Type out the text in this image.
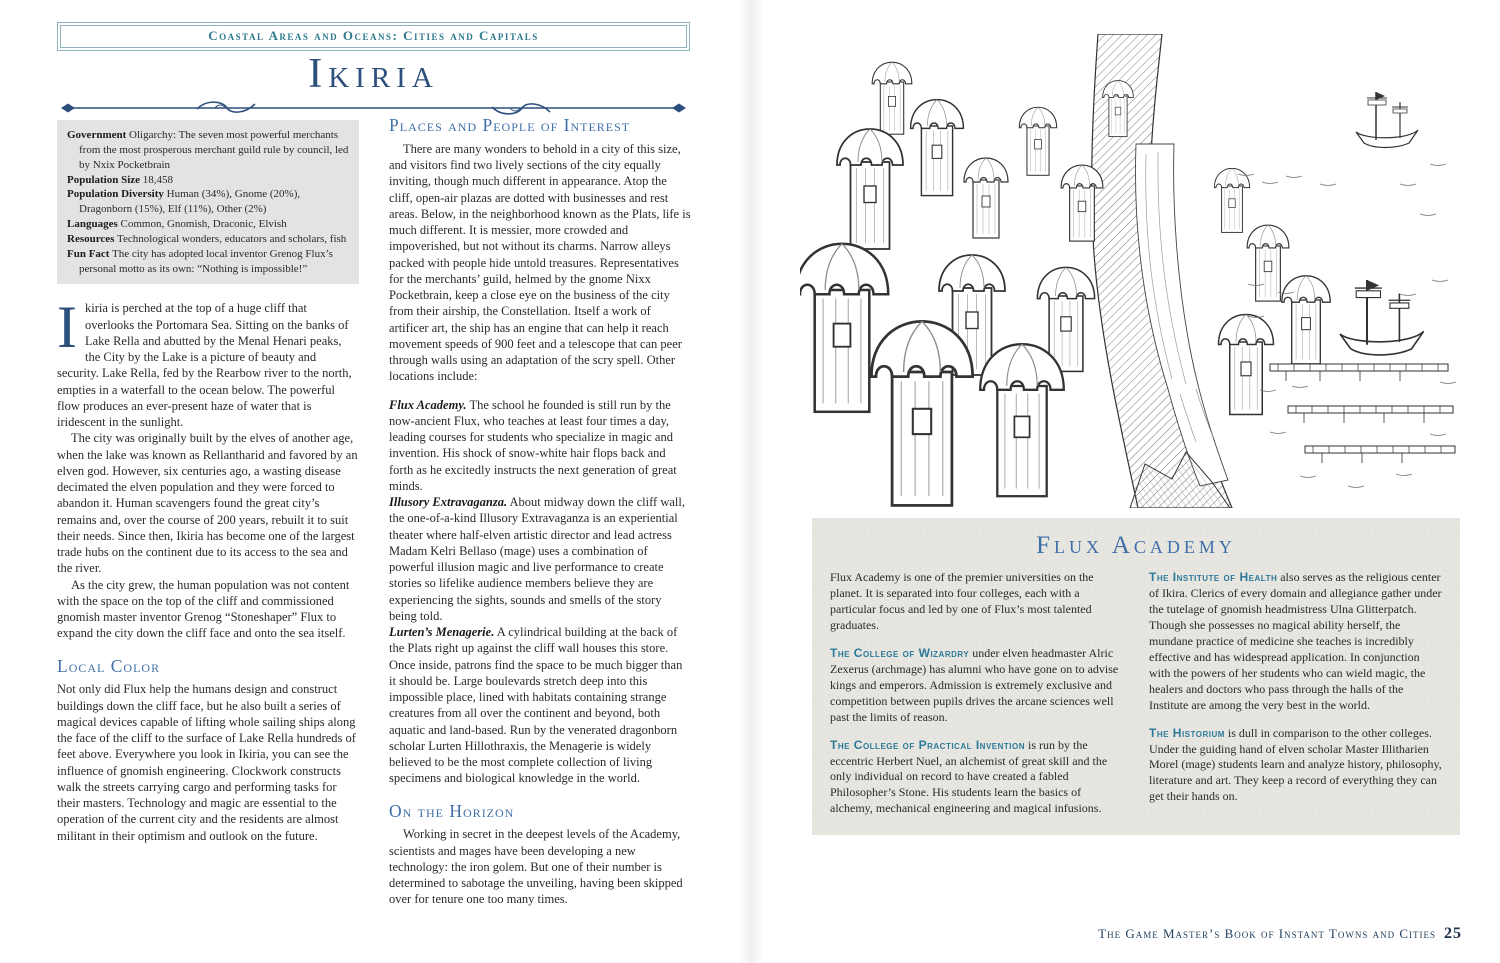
Coastal Areas and Oceans: Cities and Capitals
Ikiria

Government Oligarchy: The seven most powerful merchants from the most prosperous merchant guild rule by council, led by Nxix Pocketbrain

Population Size 18,458

Population Diversity Human (34%), Gnome (20%), Dragonborn (15%), Elf (11%), Other (2%)

Languages Common, Gnomish, Draconic, Elvish

Resources Technological wonders, educators and scholars, fish

Fun Fact The city has adopted local inventor Grenog Flux’s personal motto as its own: “Nothing is impossible!”

Ikiria is perched at the top of a huge cliff that overlooks the Portomara Sea. Sitting on the banks of Lake Rella and abutted by the Menal Henari peaks, the City by the Lake is a picture of beauty and security. Lake Rella, fed by the Rearbow river to the north, empties in a waterfall to the ocean below. The powerful flow produces an ever-present haze of water that is iridescent in the sunlight.

The city was originally built by the elves of another age, when the lake was known as Rellantharid and favored by an elven god. However, six centuries ago, a wasting disease decimated the elven population and they were forced to abandon it. Human scavengers found the great city’s remains and, over the course of 200 years, rebuilt it to suit their needs. Since then, Ikiria has become one of the largest trade hubs on the continent due to its access to the sea and the river.

As the city grew, the human population was not content with the space on the top of the cliff and commissioned gnomish master inventor Grenog “Stoneshaper” Flux to expand the city down the cliff face and onto the sea itself.

Local Color

Not only did Flux help the humans design and construct buildings down the cliff face, but he also built a series of magical devices capable of lifting whole sailing ships along the face of the cliff to the surface of Lake Rella hundreds of feet above. Everywhere you look in Ikiria, you can see the influence of gnomish engineering. Clockwork constructs walk the streets carrying cargo and performing tasks for their masters. Technology and magic are essential to the operation of the current city and the residents are almost militant in their optimism and outlook on the future.

Places and People of Interest

There are many wonders to behold in a city of this size, and visitors find two lively sections of the city equally inviting, though much different in appearance. Atop the cliff, open-air plazas are dotted with businesses and rest areas. Below, in the neighborhood known as the Plats, life is much different. It is messier, more crowded and impoverished, but not without its charms. Narrow alleys packed with people hide untold treasures. Representatives for the merchants’ guild, helmed by the gnome Nixx Pocketbrain, keep a close eye on the business of the city from their airship, the Constellation. Itself a work of artificer art, the ship has an engine that can help it reach movement speeds of 900 feet and a telescope that can peer through walls using an adaptation of the scry spell. Other locations include:

Flux Academy. The school he founded is still run by the now-ancient Flux, who teaches at least four times a day, leading courses for students who specialize in magic and invention. His shock of snow-white hair flops back and forth as he excitedly instructs the next generation of great minds.

Illusory Extravaganza. About midway down the cliff wall, the one-of-a-kind Illusory Extravaganza is an experiential theater where half-elven artistic director and lead actress Madam Kelri Bellaso (mage) uses a combination of powerful illusion magic and live performance to create stories so lifelike audience members believe they are experiencing the sights, sounds and smells of the story being told.

Lurten’s Menagerie. A cylindrical building at the back of the Plats right up against the cliff wall houses this store. Once inside, patrons find the space to be much bigger than it should be. Large boulevards stretch deep into this impossible place, lined with habitats containing strange creatures from all over the continent and beyond, both aquatic and land-based. Run by the venerated dragonborn scholar Lurten Hillothraxis, the Menagerie is widely believed to be the most complete collection of living specimens and biological knowledge in the world.

On the Horizon

Working in secret in the deepest levels of the Academy, scientists and mages have been developing a new technology: the iron golem. But one of their number is determined to sabotage the unveiling, having been skipped over for tenure one too many times.

Flux Academy

Flux Academy is one of the premier universities on the planet. It is separated into four colleges, each with a particular focus and led by one of Flux’s most talented graduates.

The College of Wizardry under elven headmaster Alric Zexerus (archmage) has alumni who have gone on to advise kings and emperors. Admission is extremely exclusive and competition between pupils drives the arcane sciences well past the limits of reason.

The College of Practical Invention is run by the eccentric Herbert Nuel, an alchemist of great skill and the only individual on record to have created a fabled Philosopher’s Stone. His students learn the basics of alchemy, mechanical engineering and magical infusions.

The Institute of Health also serves as the religious center of Ikira. Clerics of every domain and allegiance gather under the tutelage of gnomish headmistress Ulna Glitterpatch. Though she possesses no magical ability herself, the mundane practice of medicine she teaches is incredibly effective and has widespread application. In conjunction with the powers of her students who can wield magic, the healers and doctors who pass through the halls of the Institute are among the very best in the world.

The Historium is dull in comparison to the other colleges. Under the guiding hand of elven scholar Master Illitharien Morel (mage) students learn and analyze history, philosophy, literature and art. They keep a record of everything they can get their hands on.

The Game Master’s Book of Instant Towns and Cities 25
